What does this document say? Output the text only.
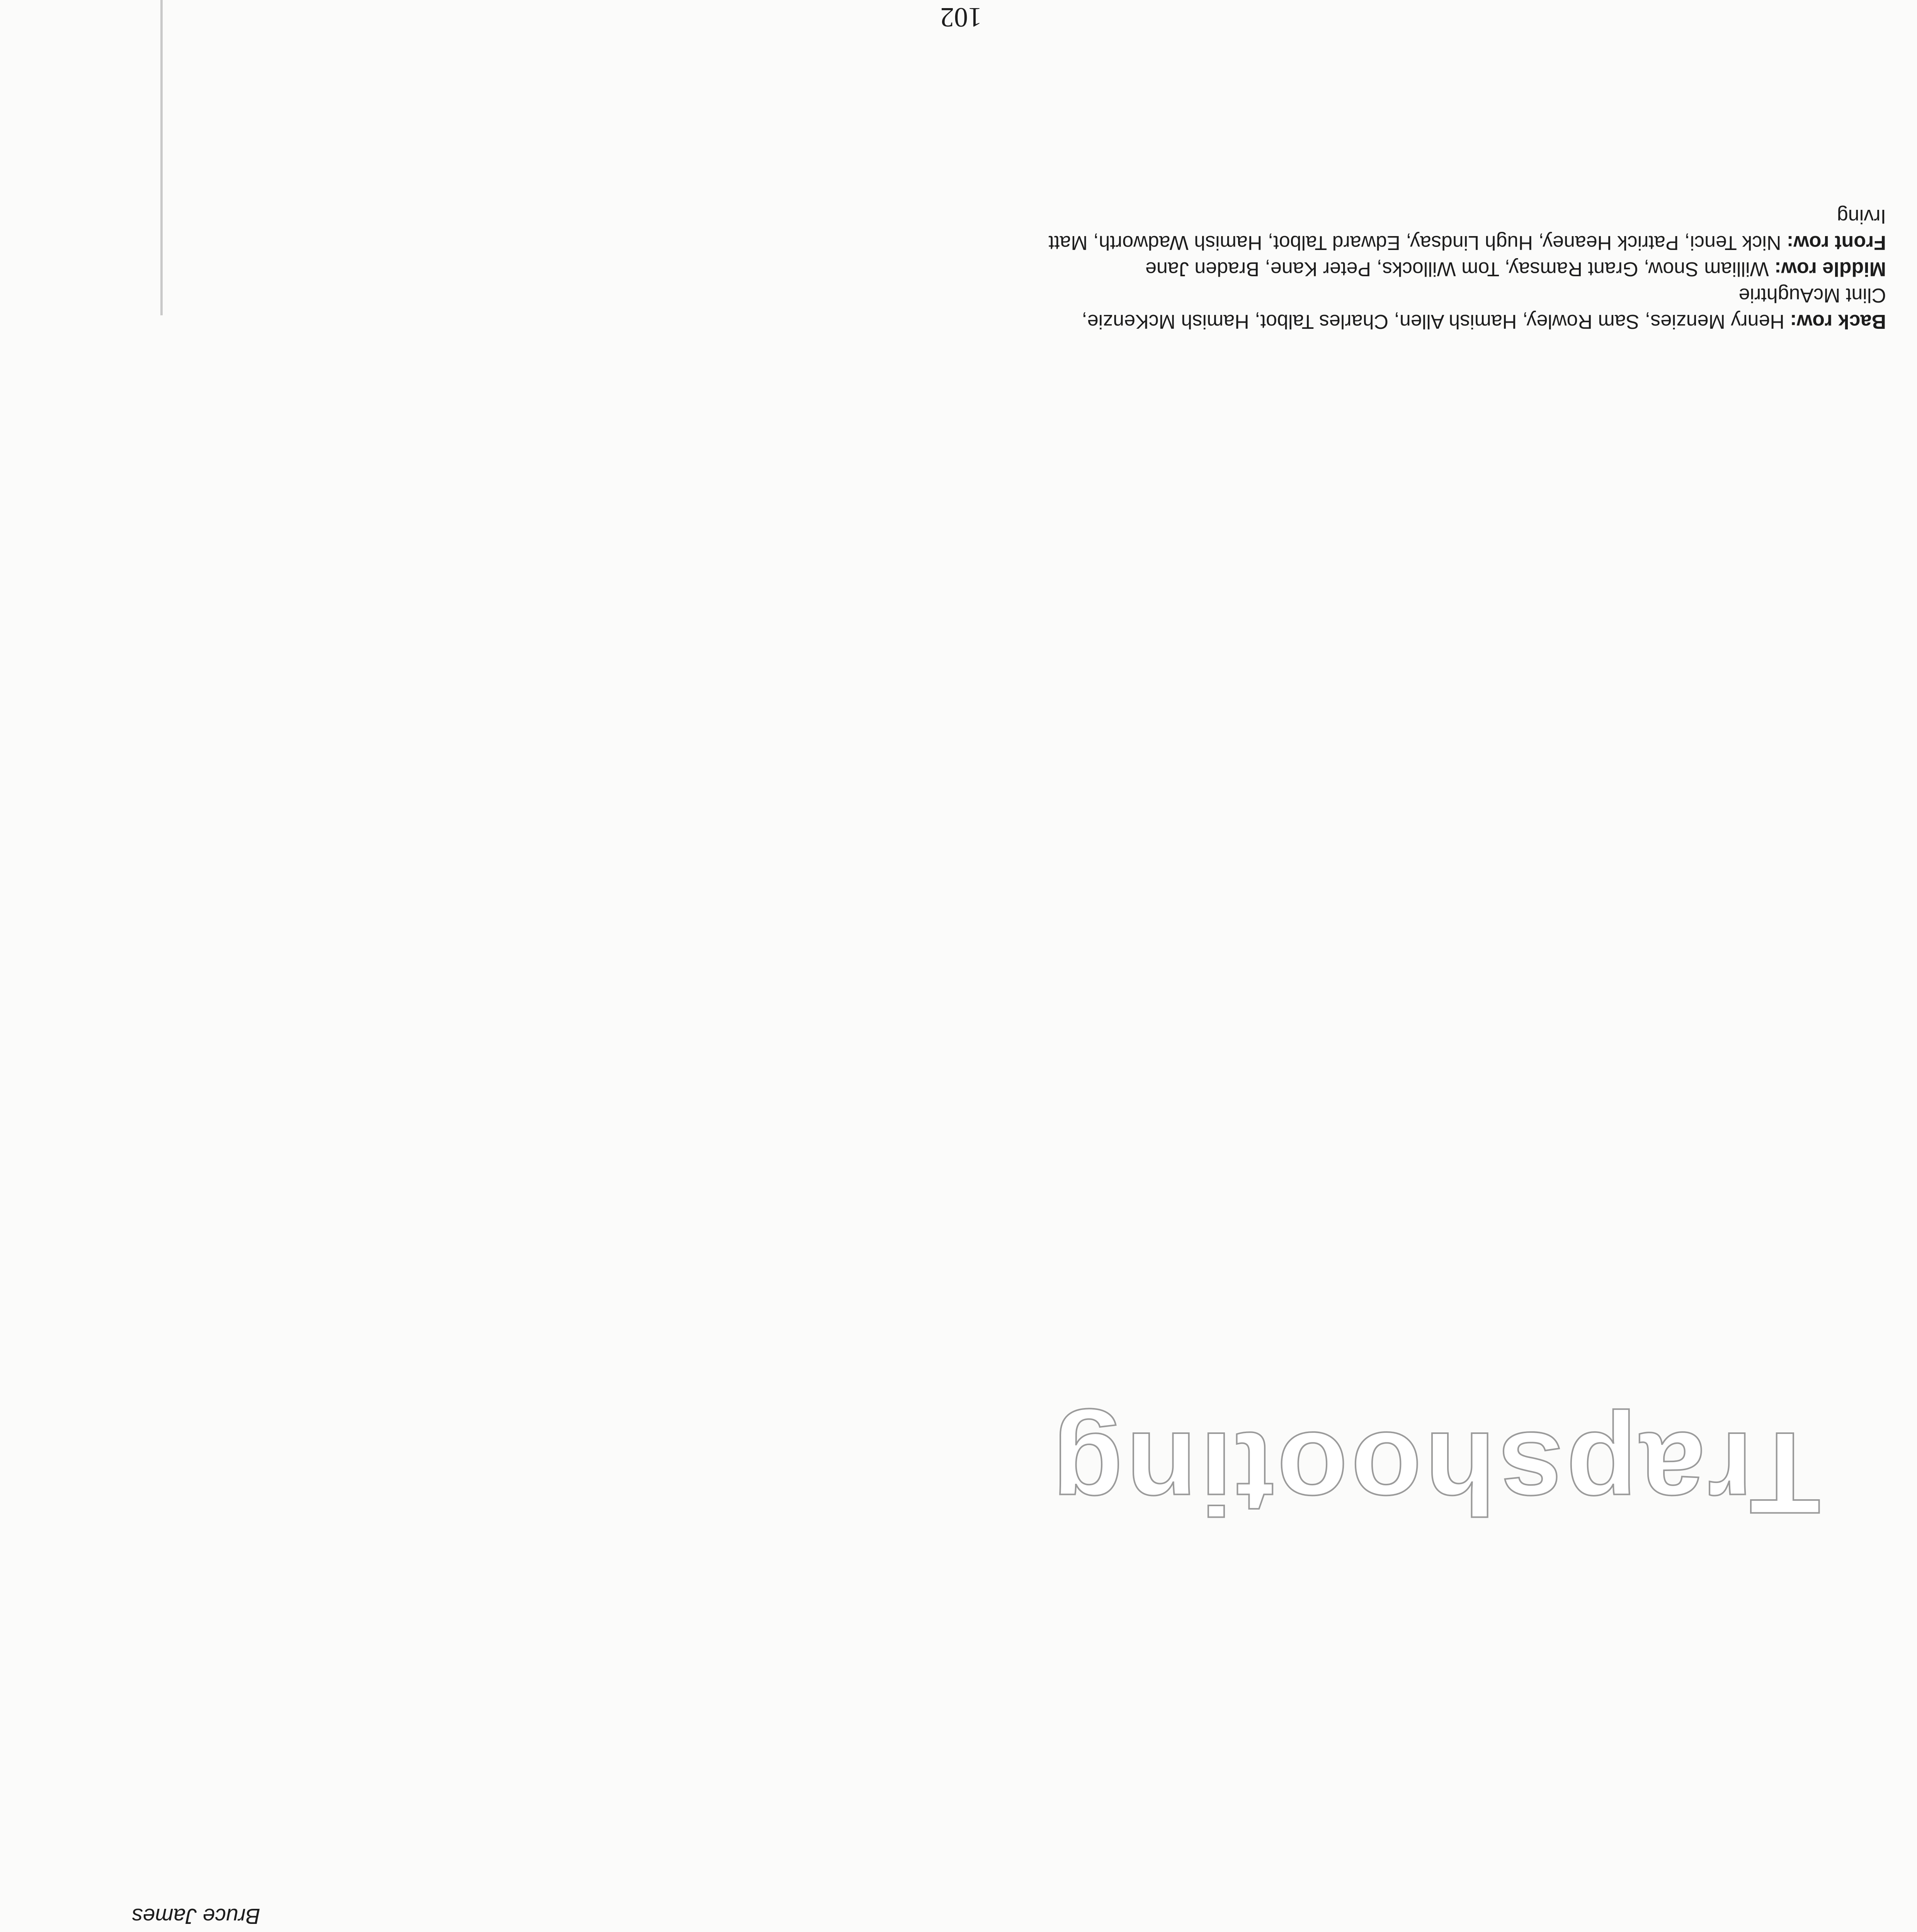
Trapshooting
Back row: Henry Menzies, Sam Rowley, Hamish Allen, Charles Talbot, Hamish McKenzie, Clint McAughtrie
Middle row: William Snow, Grant Ramsay, Tom Willocks, Peter Kane, Braden Jane
Front row: Nick Tenci, Patrick Heaney, Hugh Lindsay, Edward Talbot, Hamish Wadworth, Matt Irving

Bruce James
102
